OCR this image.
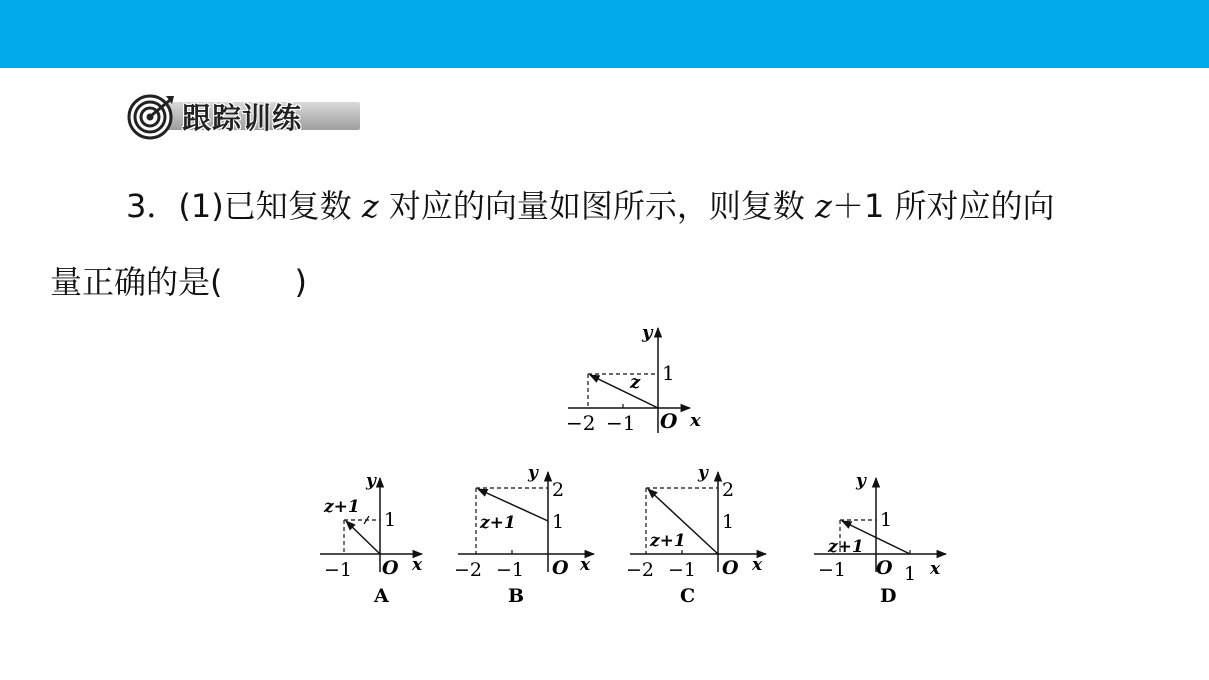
跟踪训练
3．(1)已知复数 z 对应的向量如图所示，则复数 z＋1 所对应的向
量正确的是( )
y
x
O
−2 −1
1
z
y
x
O
−1
1
z+1
A
y
x
O
−2 −1
2
1
z+1
B
y
x
O
−2 −1
2
1
z+1
C
y
x
O
−1	1
1
z+1
D
